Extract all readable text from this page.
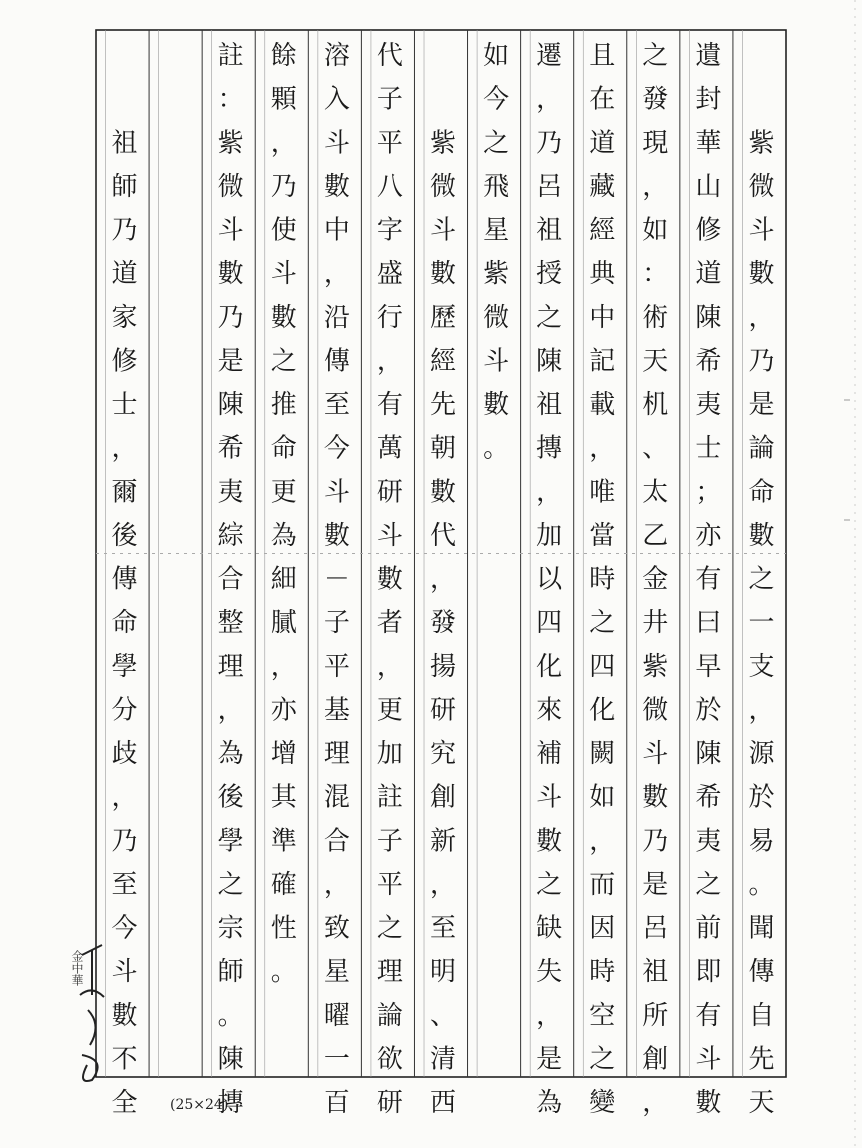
紫微斗數，乃是論命數之一支，源於易。聞傳自先天
遺封華山修道陳希夷士；亦有曰早於陳希夷之前即有斗數
之發現，如：術天机、太乙金井紫微斗數乃是呂祖所創，
且在道藏經典中記載，唯當時之四化闕如，而因時空之變
遷，乃呂祖授之陳祖摶，加以四化來補斗數之缺失，是為
如今之飛星紫微斗數。
紫微斗數歷經先朝數代，發揚研究創新，至明、清西
代子平八字盛行，有萬研斗數者，更加註子平之理論欲研
溶入斗數中，沿傳至今斗數－子平基理混合，致星曜一百
餘顆，乃使斗數之推命更為細膩，亦增其準確性。
註：紫微斗數乃是陳希夷綜合整理，為後學之宗師。陳摶
祖師乃道家修士，爾後傳命學分歧，乃至今斗數不全
金中華
(25×24)
